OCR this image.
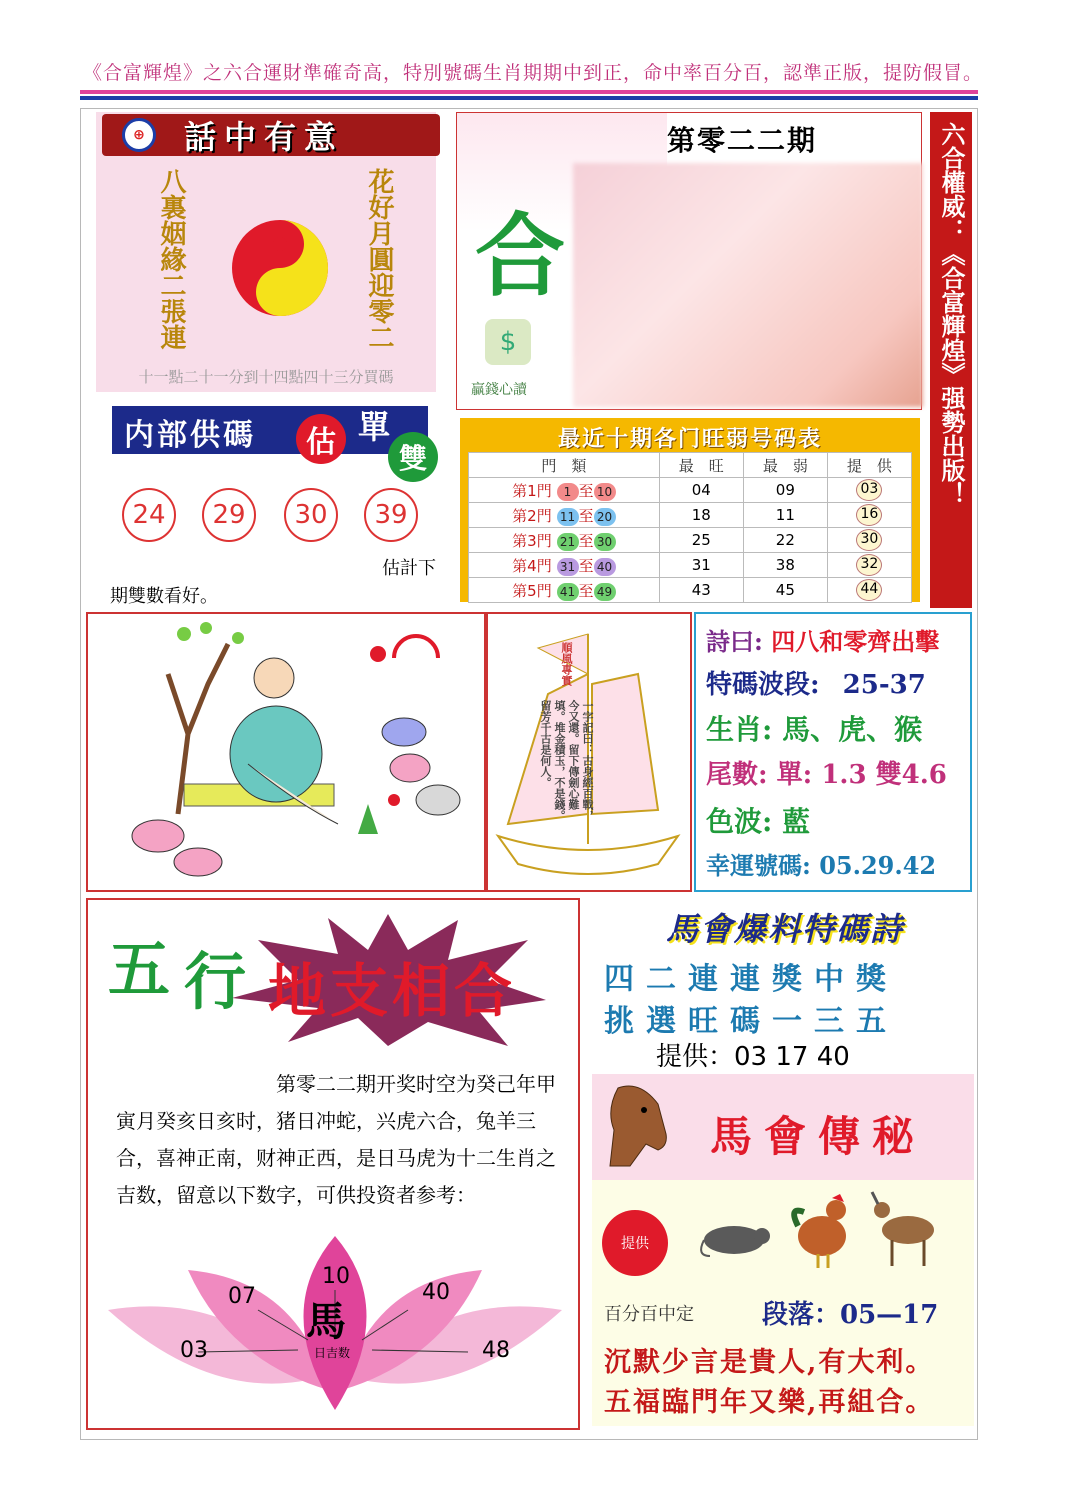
《合富輝煌》之六合運財準確奇高，特別號碼生肖期期中到正，命中率百分百，認準正版，提防假冒。
⊕	話中有意
八裏姻緣二張連	花好月圓迎零二
十一點二十一分到十四點四十三分買碼
第零二二期
合
$
贏錢心讀	六合權威：《合富輝煌》强勢出版！
内部供碼	估 單
雙
24	29	30	39
估計下
期雙數看好。
最近十期各门旺弱号码表
門　類	最　旺	最　弱	提　供
第1門 1 至 10	04	09	03
第2門 11 至 20	18	11	16
第3門 21 至 30	25	22	30
第4門 31 至 40	31	38	32
第5門 41 至 49	43	45	44
順風專實
一字記曰：古身經百戰，今又還。留下傳劍心難填。堆金積玉，不是錢。留芳千古是何人。
詩曰: 四八和零齊出擊
特碼波段: 25-37
生肖: 馬、虎、猴
尾數: 單: 1.3 雙4.6
色波: 藍
幸運號碼: 05.29.42
五 行 地支相合
第零二二期开奖时空为癸己年甲寅月癸亥日亥时，猪日冲蛇，兴虎六合，兔羊三合，喜神正南，财神正西，是日马虎为十二生肖之吉数，留意以下数字，可供投资者参考：
馬
日吉数
03
07
10
40
48
馬會爆料特碼詩
四二連連獎中獎
挑選旺碼一三五
提供：03 17 40
馬會傳秘
提供
百分百中定	段落：05—17
沉默少言是貴人,有大利。
五福臨門年又樂,再組合。
